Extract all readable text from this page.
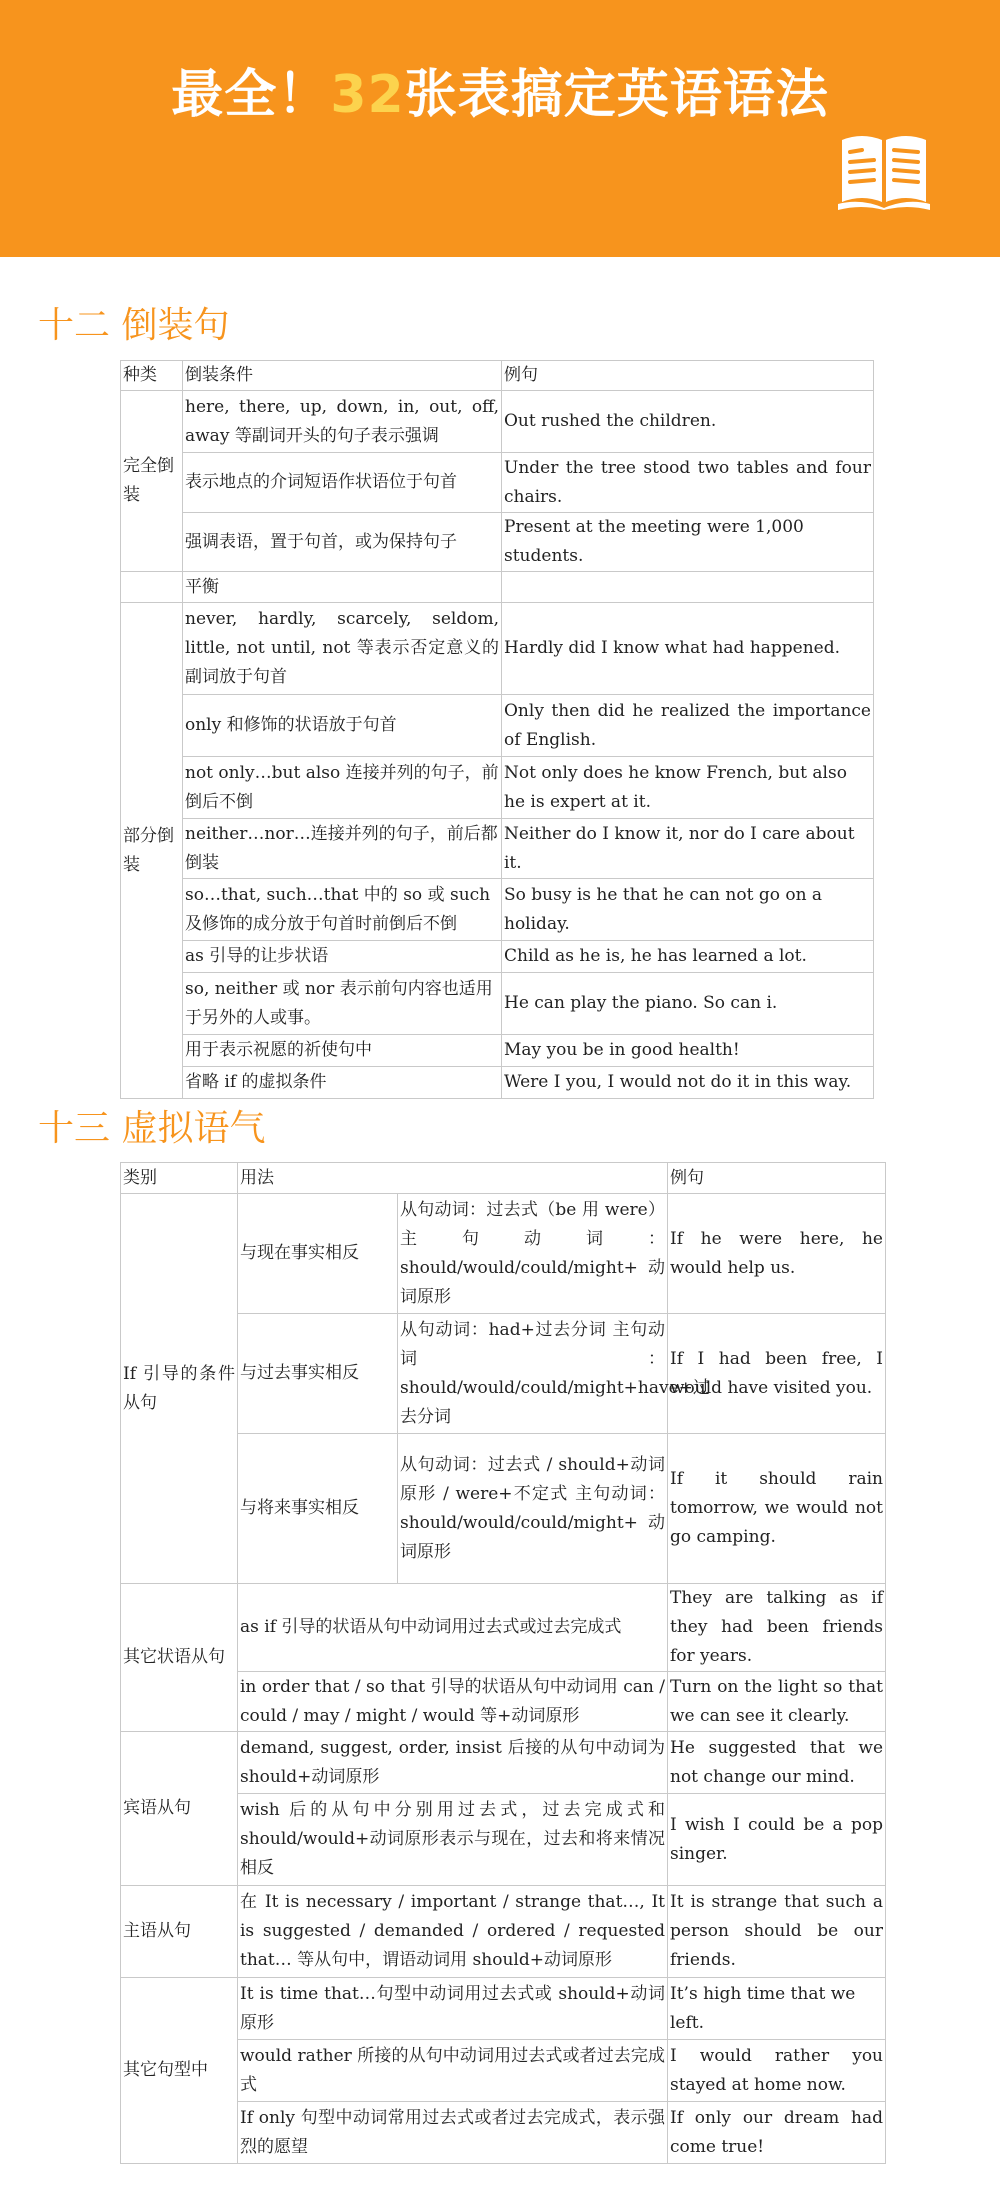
最全！32张表搞定英语语法
十二 倒装句
种类	倒装条件	例句
完全倒装	here, there, up, down, in, out, off, away 等副词开头的句子表示强调	Out rushed the children.
	表示地点的介词短语作状语位于句首	Under the tree stood two tables and four chairs.
	强调表语，置于句首，或为保持句子	Present at the meeting were 1,000 students.
	平衡	
部分倒装	never, hardly, scarcely, seldom, little, not until, not 等表示否定意义的副词放于句首	Hardly did I know what had happened.
	only 和修饰的状语放于句首	Only then did he realized the importance of English.
	not only…but also 连接并列的句子，前倒后不倒	Not only does he know French, but also he is expert at it.
	neither…nor…连接并列的句子，前后都倒装	Neither do I know it, nor do I care about it.
	so…that, such…that 中的 so 或 such 及修饰的成分放于句首时前倒后不倒	So busy is he that he can not go on a holiday.
	as 引导的让步状语	Child as he is, he has learned a lot.
	so, neither 或 nor 表示前句内容也适用于另外的人或事。	He can play the piano. So can i.
	用于表示祝愿的祈使句中	May you be in good health!
	省略 if 的虚拟条件	Were I you, I would not do it in this way.
十三 虚拟语气
类别	用法		例句
If 引导的条件从句	与现在事实相反	从句动词：过去式（be 用 were）主句动词：should/would/could/might+ 动词原形	If he were here, he would help us.
	与过去事实相反	从句动词：had+过去分词 主句动词：should/would/could/might+have+过去分词	If I had been free, I would have visited you.
	与将来事实相反	从句动词：过去式 / should+动词原形 / were+不定式 主句动词：should/would/could/might+ 动词原形	If it should rain tomorrow, we would not go camping.
其它状语从句	as if 引导的状语从句中动词用过去式或过去完成式		They are talking as if they had been friends for years.
	in order that / so that 引导的状语从句中动词用 can / could / may / might / would 等+动词原形		Turn on the light so that we can see it clearly.
宾语从句	demand, suggest, order, insist 后接的从句中动词为 should+动词原形		He suggested that we not change our mind.
	wish 后的从句中分别用过去式，过去完成式和 should/would+动词原形表示与现在，过去和将来情况相反		I wish I could be a pop singer.
主语从句	在 It is necessary / important / strange that…, It is suggested / demanded / ordered / requested that… 等从句中，谓语动词用 should+动词原形		It is strange that such a person should be our friends.
其它句型中	It is time that…句型中动词用过去式或 should+动词原形		It’s high time that we left.
	would rather 所接的从句中动词用过去式或者过去完成式		I would rather you stayed at home now.
	If only 句型中动词常用过去式或者过去完成式，表示强烈的愿望		If only our dream had come true!
